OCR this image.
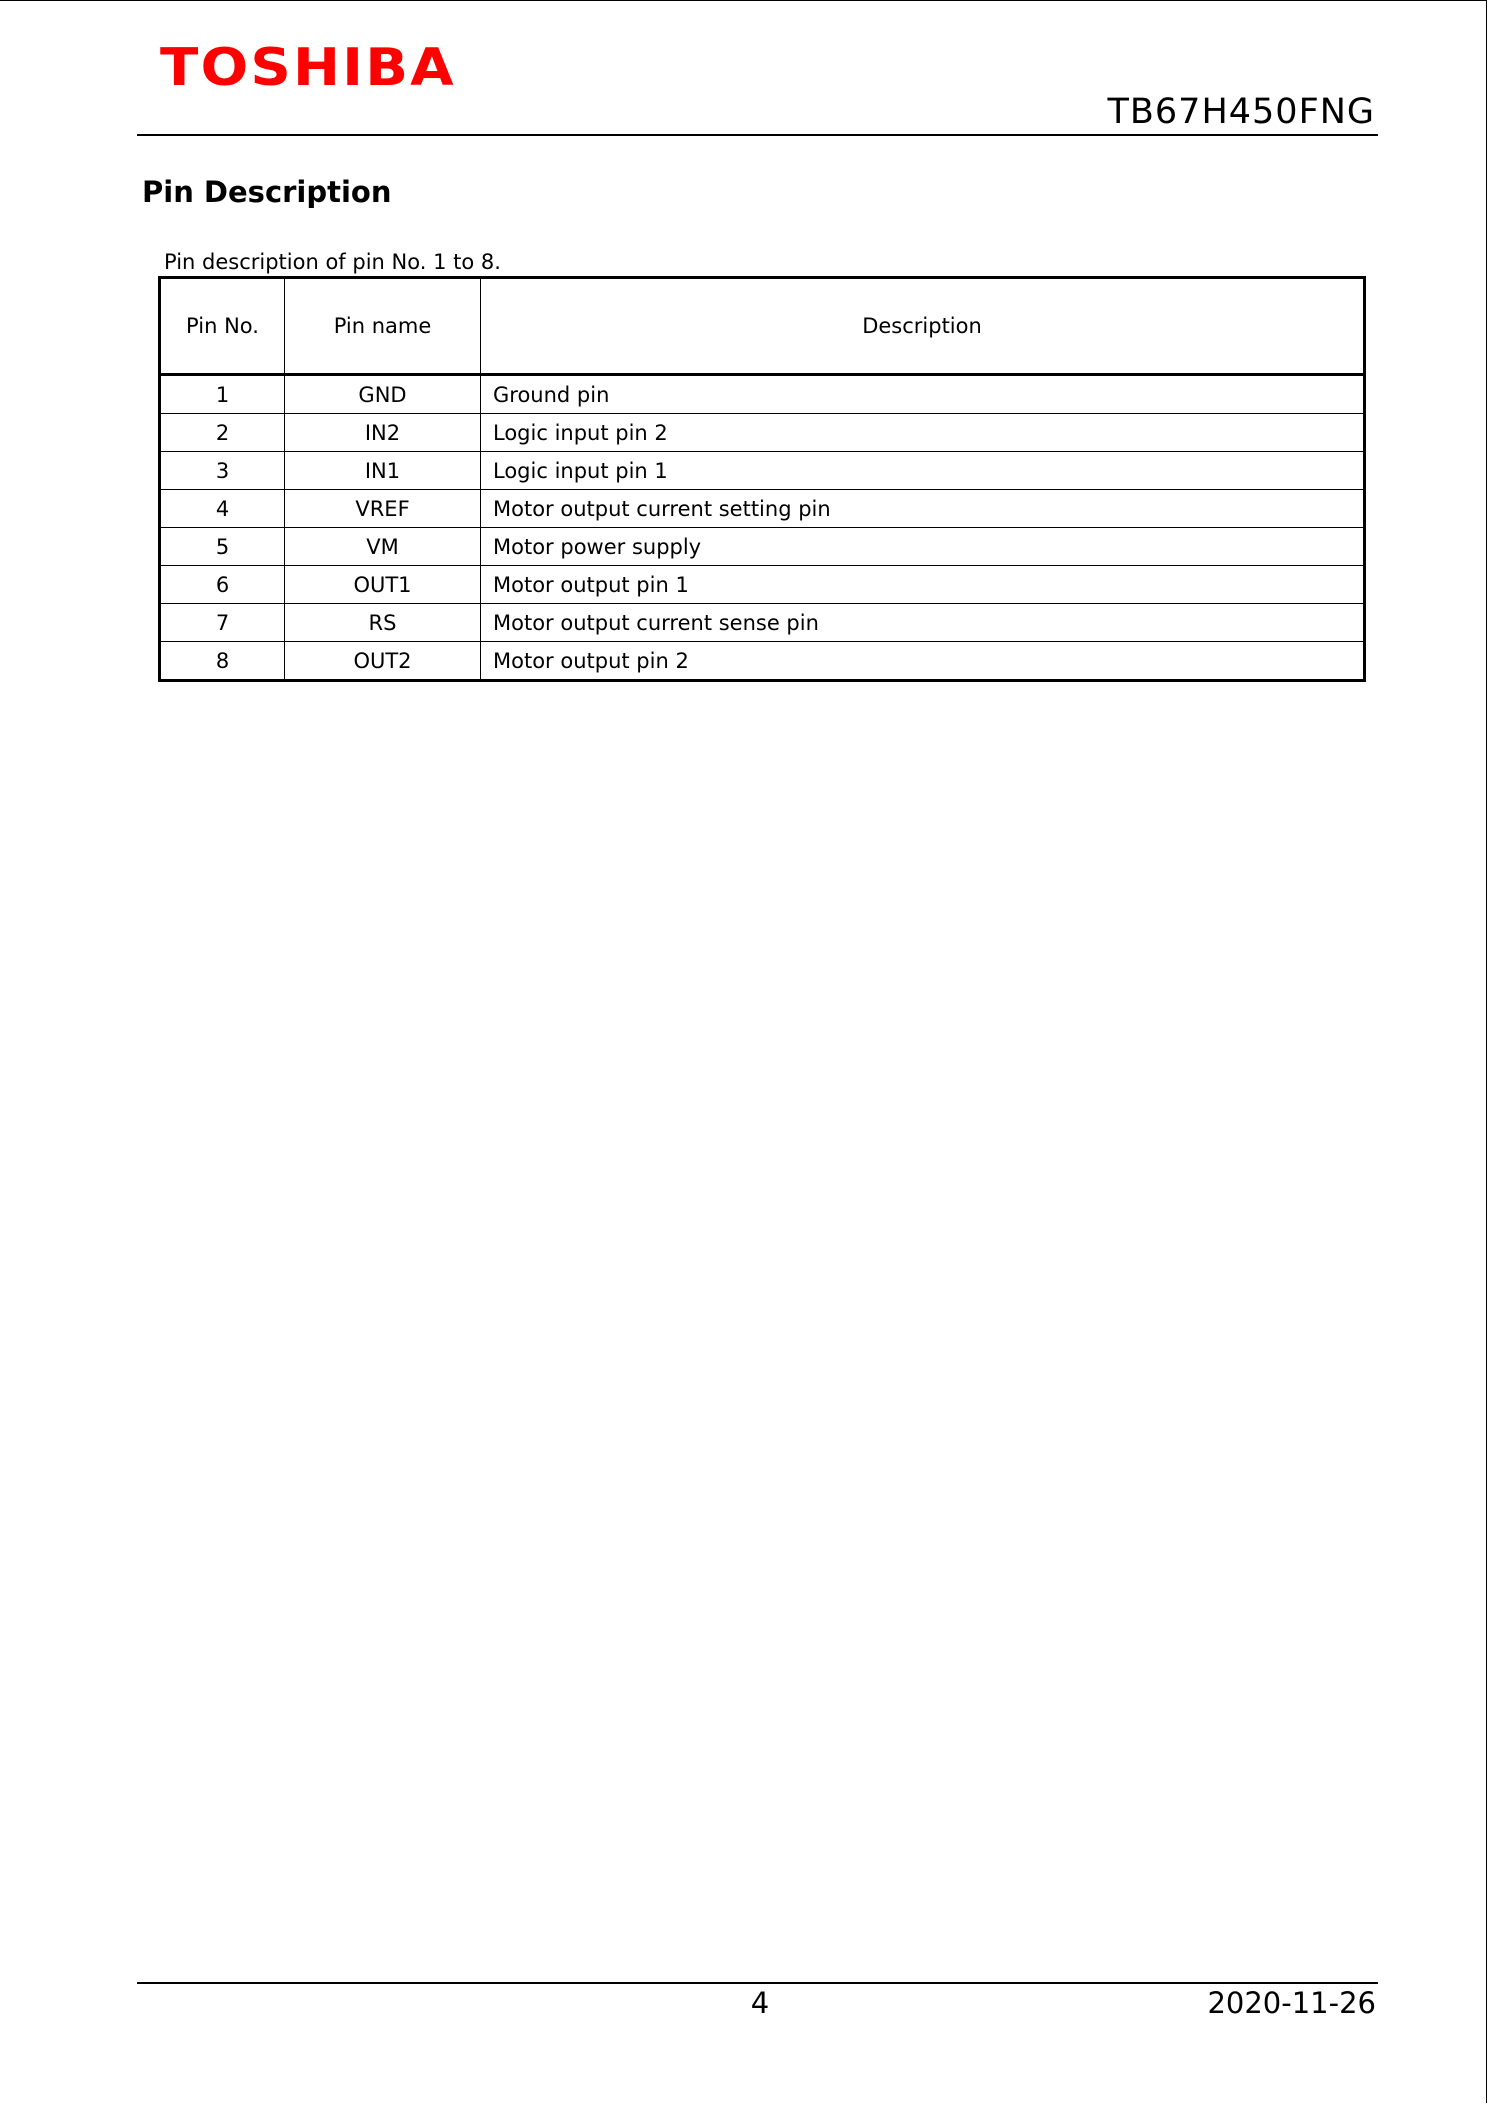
TOSHIBA
TB67H450FNG
Pin Description
Pin description of pin No. 1 to 8.
Pin No.	Pin name	Description
1	GND	Ground pin
2	IN2	Logic input pin 2
3	IN1	Logic input pin 1
4	VREF	Motor output current setting pin
5	VM	Motor power supply
6	OUT1	Motor output pin 1
7	RS	Motor output current sense pin
8	OUT2	Motor output pin 2
4	2020-11-26
